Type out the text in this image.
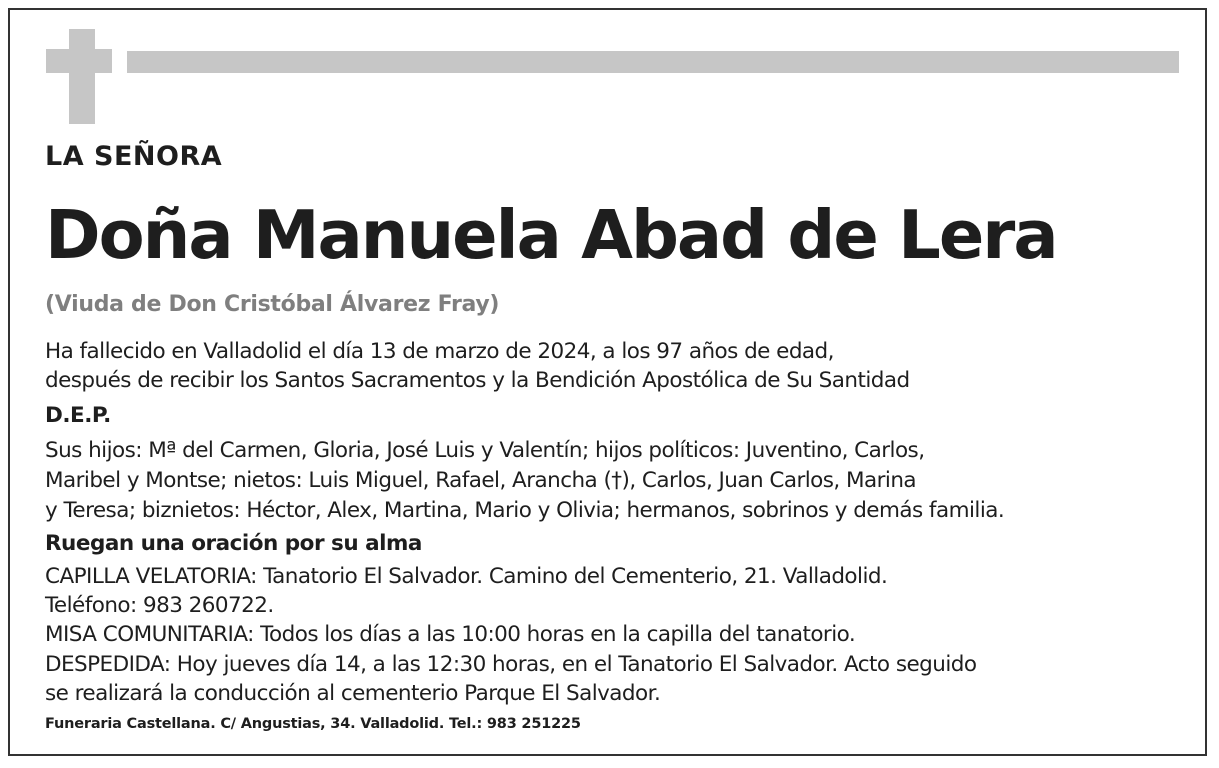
LA SEÑORA
Doña Manuela Abad de Lera
(Viuda de Don Cristóbal Álvarez Fray)
Ha fallecido en Valladolid el día 13 de marzo de 2024, a los 97 años de edad,
después de recibir los Santos Sacramentos y la Bendición Apostólica de Su Santidad
D.E.P.
Sus hijos: Mª del Carmen, Gloria, José Luis y Valentín; hijos políticos: Juventino, Carlos,
Maribel y Montse; nietos: Luis Miguel, Rafael, Arancha (†), Carlos, Juan Carlos, Marina
y Teresa; biznietos: Héctor, Alex, Martina, Mario y Olivia; hermanos, sobrinos y demás familia.
Ruegan una oración por su alma
CAPILLA VELATORIA: Tanatorio El Salvador. Camino del Cementerio, 21. Valladolid.
Teléfono: 983 260722.
MISA COMUNITARIA: Todos los días a las 10:00 horas en la capilla del tanatorio.
DESPEDIDA: Hoy jueves día 14, a las 12:30 horas, en el Tanatorio El Salvador. Acto seguido
se realizará la conducción al cementerio Parque El Salvador.
Funeraria Castellana. C/ Angustias, 34. Valladolid. Tel.: 983 251225
